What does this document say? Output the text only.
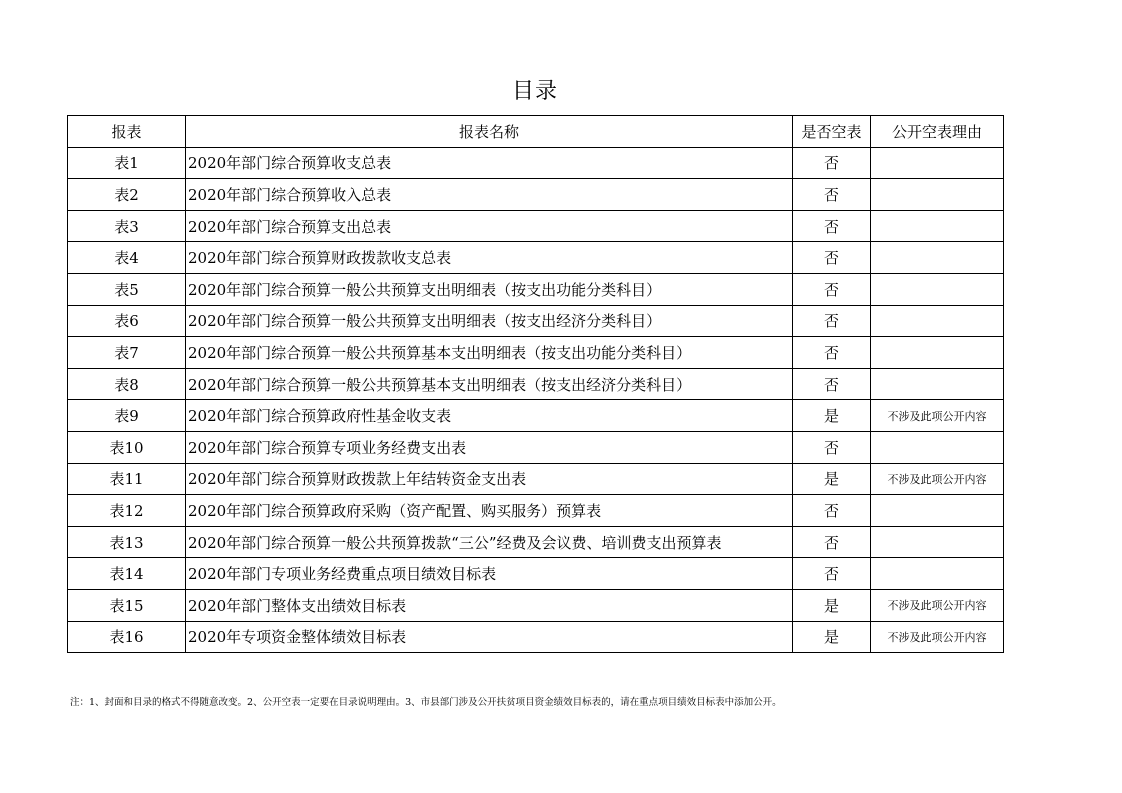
目录
报表	报表名称	是否空表	公开空表理由
表1	2020年部门综合预算收支总表	否	
表2	2020年部门综合预算收入总表	否	
表3	2020年部门综合预算支出总表	否	
表4	2020年部门综合预算财政拨款收支总表	否	
表5	2020年部门综合预算一般公共预算支出明细表（按支出功能分类科目）	否	
表6	2020年部门综合预算一般公共预算支出明细表（按支出经济分类科目）	否	
表7	2020年部门综合预算一般公共预算基本支出明细表（按支出功能分类科目）	否	
表8	2020年部门综合预算一般公共预算基本支出明细表（按支出经济分类科目）	否	
表9	2020年部门综合预算政府性基金收支表	是	不涉及此项公开内容
表10	2020年部门综合预算专项业务经费支出表	否	
表11	2020年部门综合预算财政拨款上年结转资金支出表	是	不涉及此项公开内容
表12	2020年部门综合预算政府采购（资产配置、购买服务）预算表	否	
表13	2020年部门综合预算一般公共预算拨款“三公”经费及会议费、培训费支出预算表	否	
表14	2020年部门专项业务经费重点项目绩效目标表	否	
表15	2020年部门整体支出绩效目标表	是	不涉及此项公开内容
表16	2020年专项资金整体绩效目标表	是	不涉及此项公开内容
注：1、封面和目录的格式不得随意改变。2、公开空表一定要在目录说明理由。3、市县部门涉及公开扶贫项目资金绩效目标表的，请在重点项目绩效目标表中添加公开。
